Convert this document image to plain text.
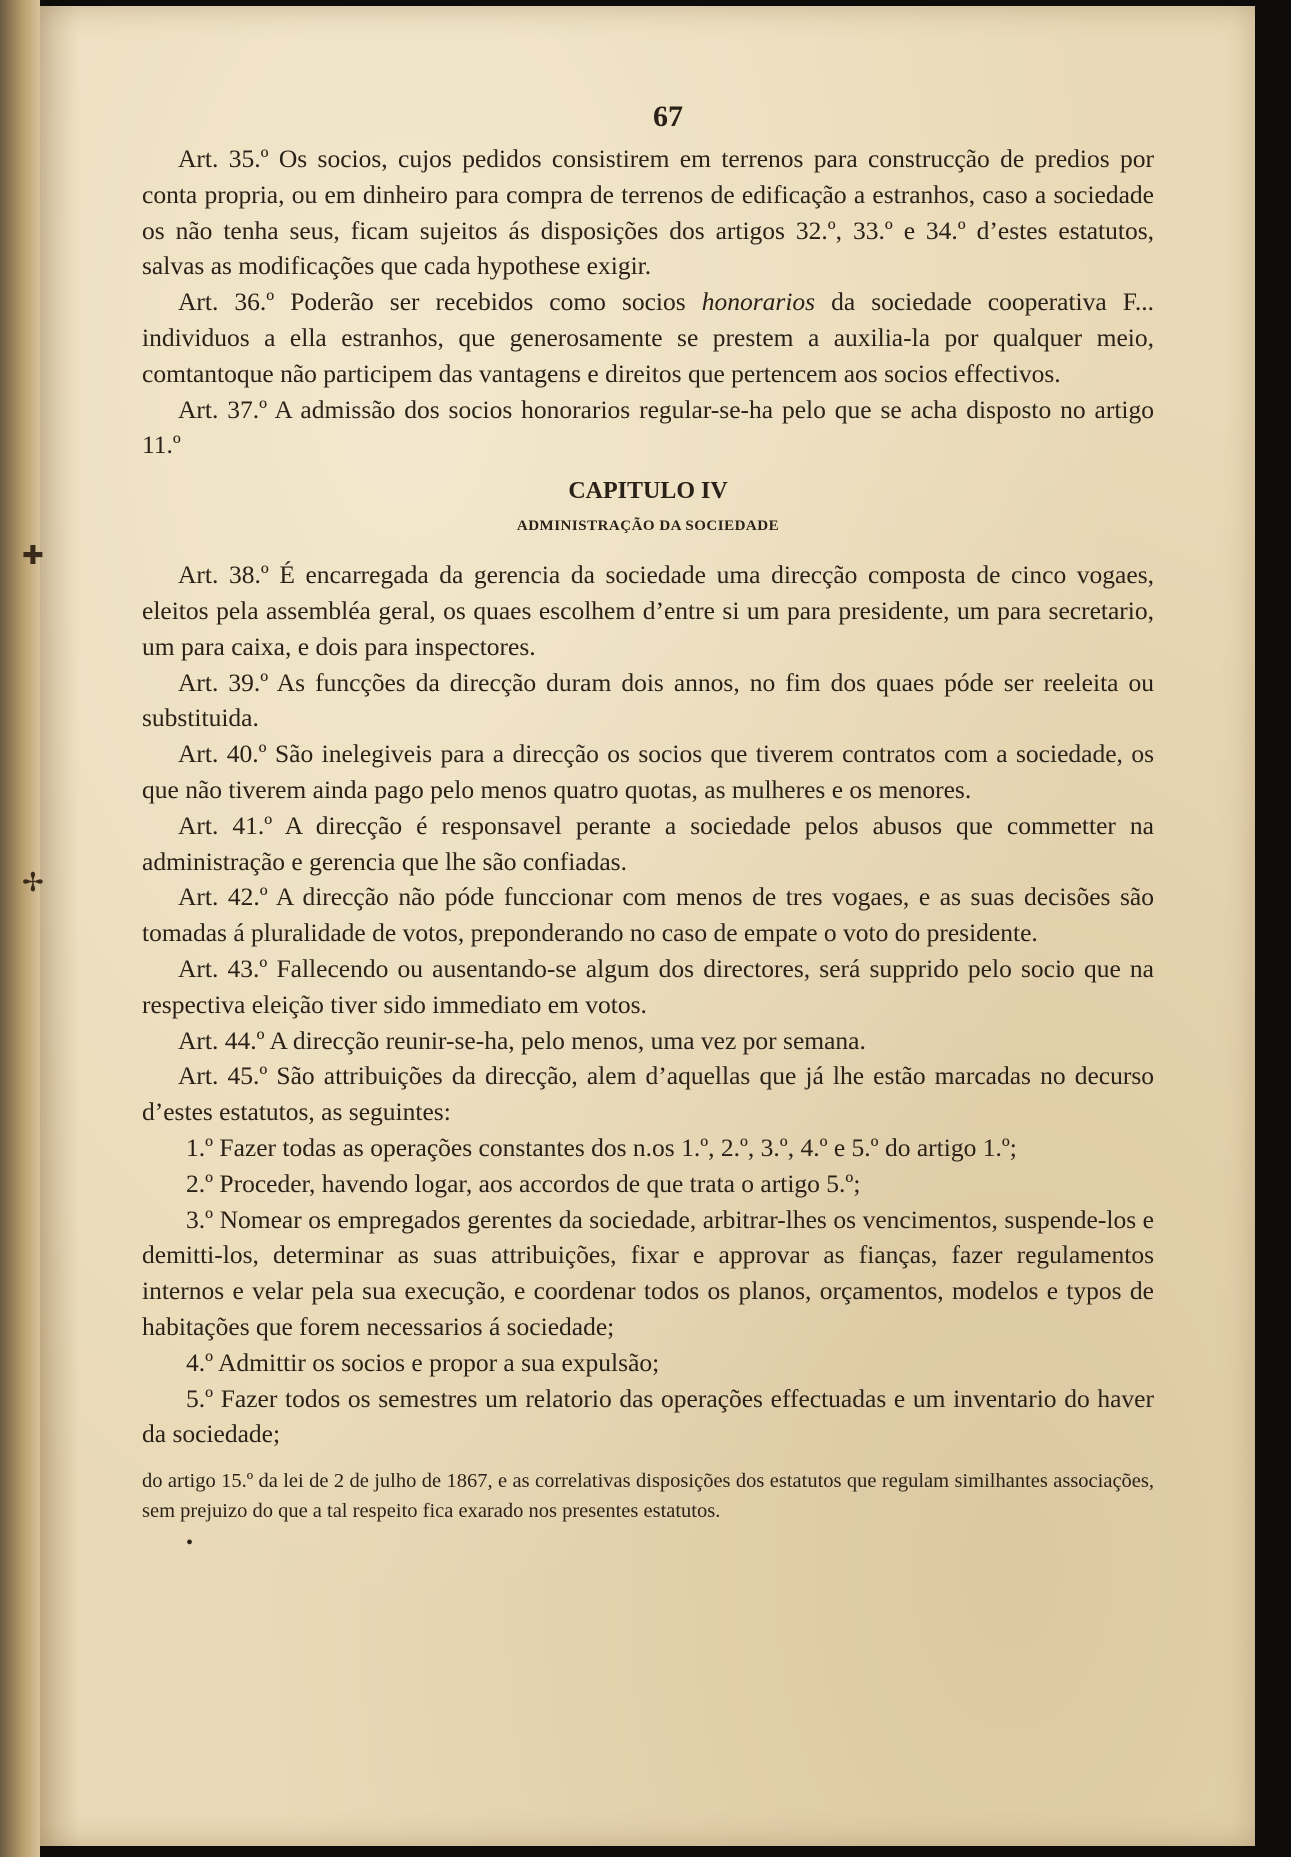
✚
✢
67

Art. 35.º Os socios, cujos pedidos consistirem em terrenos para construcção de predios por conta propria, ou em dinheiro para compra de terrenos de edificação a estranhos, caso a sociedade os não tenha seus, ficam sujeitos ás disposições dos artigos 32.º, 33.º e 34.º d’estes estatutos, salvas as modificações que cada hypothese exigir.

Art. 36.º Poderão ser recebidos como socios honorarios da sociedade cooperativa F... individuos a ella estranhos, que generosamente se prestem a auxilia-la por qualquer meio, comtantoque não participem das vantagens e direitos que pertencem aos socios effectivos.

Art. 37.º A admissão dos socios honorarios regular-se-ha pelo que se acha disposto no artigo 11.º

CAPITULO IV
ADMINISTRAÇÃO DA SOCIEDADE

Art. 38.º É encarregada da gerencia da sociedade uma direcção composta de cinco vogaes, eleitos pela assembléa geral, os quaes escolhem d’entre si um para presidente, um para secretario, um para caixa, e dois para inspectores.

Art. 39.º As funcções da direcção duram dois annos, no fim dos quaes póde ser reeleita ou substituida.

Art. 40.º São inelegiveis para a direcção os socios que tiverem contratos com a sociedade, os que não tiverem ainda pago pelo menos quatro quotas, as mulheres e os menores.

Art. 41.º A direcção é responsavel perante a sociedade pelos abusos que commetter na administração e gerencia que lhe são confiadas.

Art. 42.º A direcção não póde funccionar com menos de tres vogaes, e as suas decisões são tomadas á pluralidade de votos, preponderando no caso de empate o voto do presidente.

Art. 43.º Fallecendo ou ausentando-se algum dos directores, será supprido pelo socio que na respectiva eleição tiver sido immediato em votos.

Art. 44.º A direcção reunir-se-ha, pelo menos, uma vez por semana.

Art. 45.º São attribuições da direcção, alem d’aquellas que já lhe estão marcadas no decurso d’estes estatutos, as seguintes:

1.º Fazer todas as operações constantes dos n.os 1.º, 2.º, 3.º, 4.º e 5.º do artigo 1.º;

2.º Proceder, havendo logar, aos accordos de que trata o artigo 5.º;

3.º Nomear os empregados gerentes da sociedade, arbitrar-lhes os vencimentos, suspende-los e demitti-los, determinar as suas attribuições, fixar e approvar as fianças, fazer regulamentos internos e velar pela sua execução, e coordenar todos os planos, orçamentos, modelos e typos de habitações que forem necessarios á sociedade;

4.º Admittir os socios e propor a sua expulsão;

5.º Fazer todos os semestres um relatorio das operações effectuadas e um inventario do haver da sociedade;

do artigo 15.º da lei de 2 de julho de 1867, e as correlativas disposições dos estatutos que regulam similhantes associações, sem prejuizo do que a tal respeito fica exarado nos presentes estatutos.

•
